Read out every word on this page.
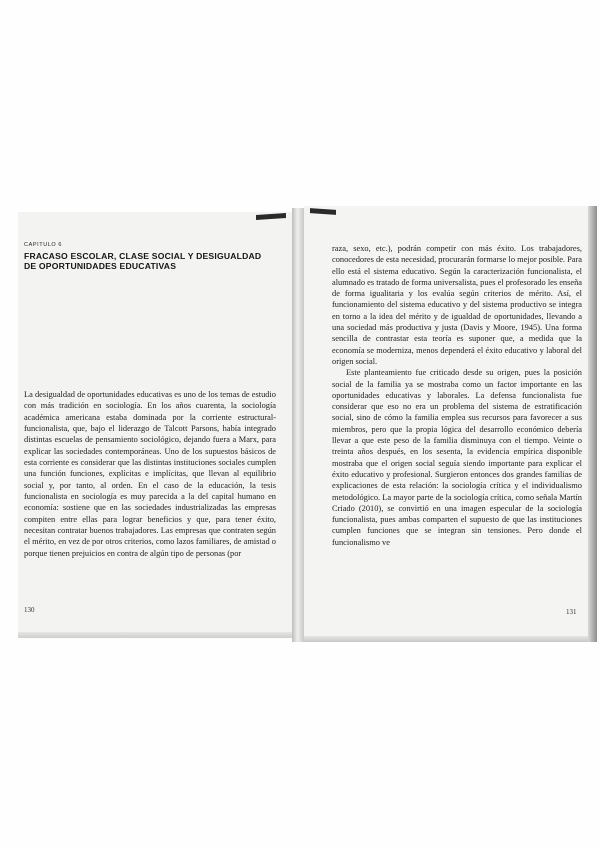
CAPITULO 6
FRACASO ESCOLAR, CLASE SOCIAL Y DESIGUALDAD DE OPORTUNIDADES EDUCATIVAS

La desigualdad de oportunidades educativas es uno de los temas de estudio con más tradición en sociología. En los años cuarenta, la sociología académica americana estaba dominada por la corriente estructural-funcionalista, que, bajo el liderazgo de Talcott Parsons, había integrado distintas escuelas de pensamiento sociológico, dejando fuera a Marx, para explicar las sociedades contemporáneas. Uno de los supuestos básicos de esta corriente es considerar que las distintas instituciones sociales cumplen una función funciones, explícitas e implícitas, que llevan al equilibrio social y, por tanto, al orden. En el caso de la educación, la tesis funcionalista en sociología es muy parecida a la del capital humano en economía: sostiene que en las sociedades industrializadas las empresas compiten entre ellas para lograr beneficios y que, para tener éxito, necesitan contratar buenos trabajadores. Las empresas que contraten según el mérito, en vez de por otros criterios, como lazos familiares, de amistad o porque tienen prejuicios en contra de algún tipo de personas (por

raza, sexo, etc.), podrán competir con más éxito. Los trabajadores, conocedores de esta necesidad, procurarán formarse lo mejor posible. Para ello está el sistema educativo. Según la caracterización funcionalista, el alumnado es tratado de forma universalista, pues el profesorado les enseña de forma igualitaria y los evalúa según criterios de mérito. Así, el funcionamiento del sistema educativo y del sistema productivo se integra en torno a la idea del mérito y de igualdad de oportunidades, llevando a una sociedad más productiva y justa (Davis y Moore, 1945). Una forma sencilla de contrastar esta teoría es suponer que, a medida que la economía se moderniza, menos dependerá el éxito educativo y laboral del origen social.

Este planteamiento fue criticado desde su origen, pues la posición social de la familia ya se mostraba como un factor importante en las oportunidades educativas y laborales. La defensa funcionalista fue considerar que eso no era un problema del sistema de estratificación social, sino de cómo la familia emplea sus recursos para favorecer a sus miembros, pero que la propia lógica del desarrollo económico debería llevar a que este peso de la familia disminuya con el tiempo. Veinte o treinta años después, en los sesenta, la evidencia empírica disponible mostraba que el origen social seguía siendo importante para explicar el éxito educativo y profesional. Surgieron entonces dos grandes familias de explicaciones de esta relación: la sociología crítica y el individualismo metodológico. La mayor parte de la sociología crítica, como señala Martín Criado (2010), se convirtió en una imagen especular de la sociología funcionalista, pues ambas comparten el supuesto de que las instituciones cumplen funciones que se integran sin tensiones. Pero donde el funcionalismo ve

130	131
